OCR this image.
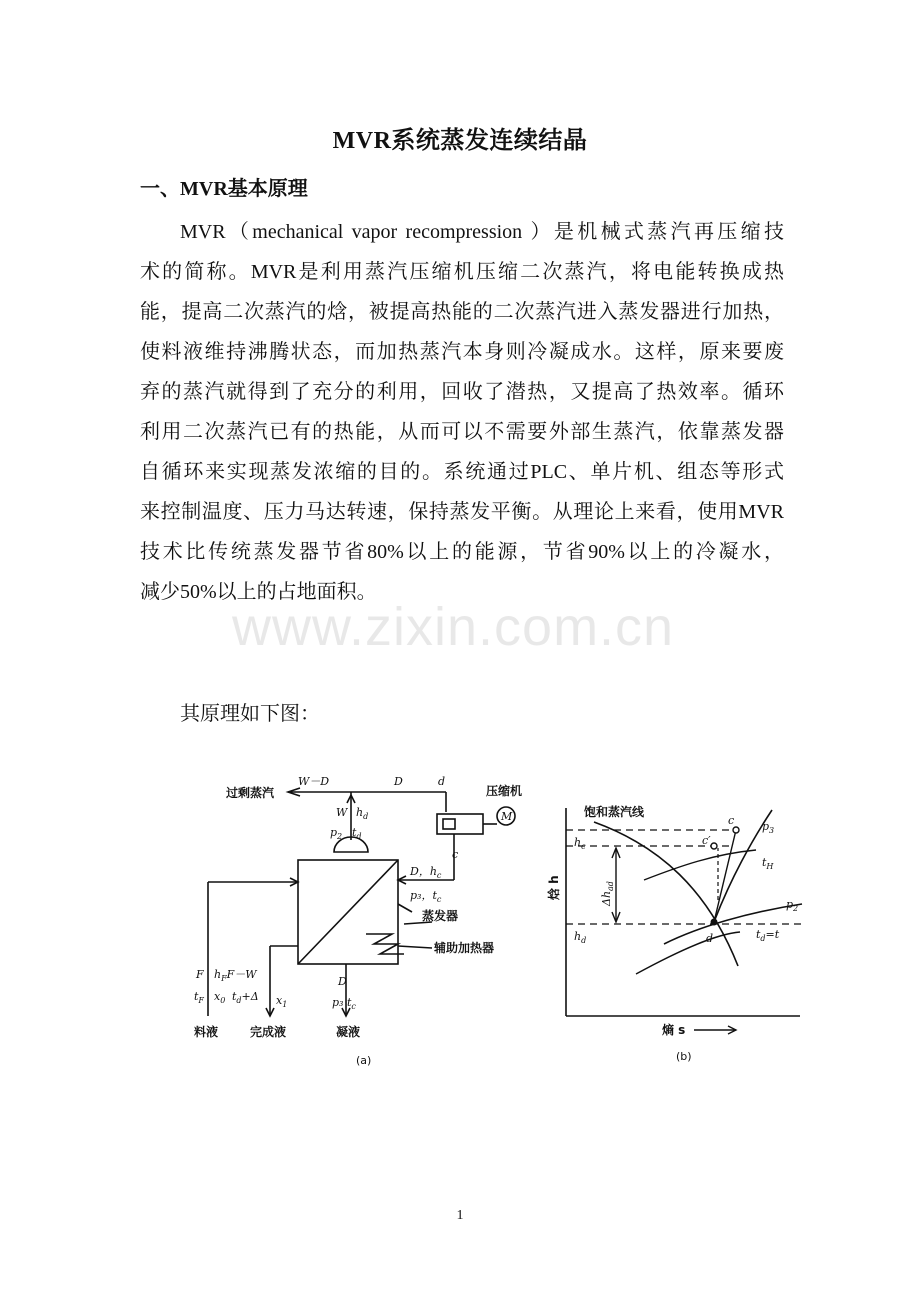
MVR系统蒸发连续结晶
一、MVR基本原理
MVR（mechanical vapor recompression ）是机械式蒸汽再压缩技
术的简称。MVR是利用蒸汽压缩机压缩二次蒸汽，将电能转换成热
能，提高二次蒸汽的焓，被提高热能的二次蒸汽进入蒸发器进行加热，
使料液维持沸腾状态，而加热蒸汽本身则冷凝成水。这样，原来要废
弃的蒸汽就得到了充分的利用，回收了潜热，又提高了热效率。循环
利用二次蒸汽已有的热能，从而可以不需要外部生蒸汽，依靠蒸发器
自循环来实现蒸发浓缩的目的。系统通过PLC、单片机、组态等形式
来控制温度、压力马达转速，保持蒸发平衡。从理论上来看，使用MVR
技术比传统蒸发器节省80%以上的能源，节省90%以上的冷凝水，
减少50%以上的占地面积。
www.zixin.com.cn
其原理如下图：
过剩蒸汽
W－D	D	d
压缩机
M
W $h_d$
$p_2$ $t_d$
c
D，$h_c$
p₃，$t_c$
蒸发器
辅助加热器
F $h_FF-W$
$t_F$ $x_0$ $t_d+\Delta$ $x_1$
D
p₃ $t_c$
料液	完成液	凝液
(a)
饱和蒸汽线
c
c′
$p_3$
$h_c$
$t_H$
焓 h	$\Delta h_{ad}$
$p_2$
$h_d$	d	$t_d=t$
熵 s
(b)
1
